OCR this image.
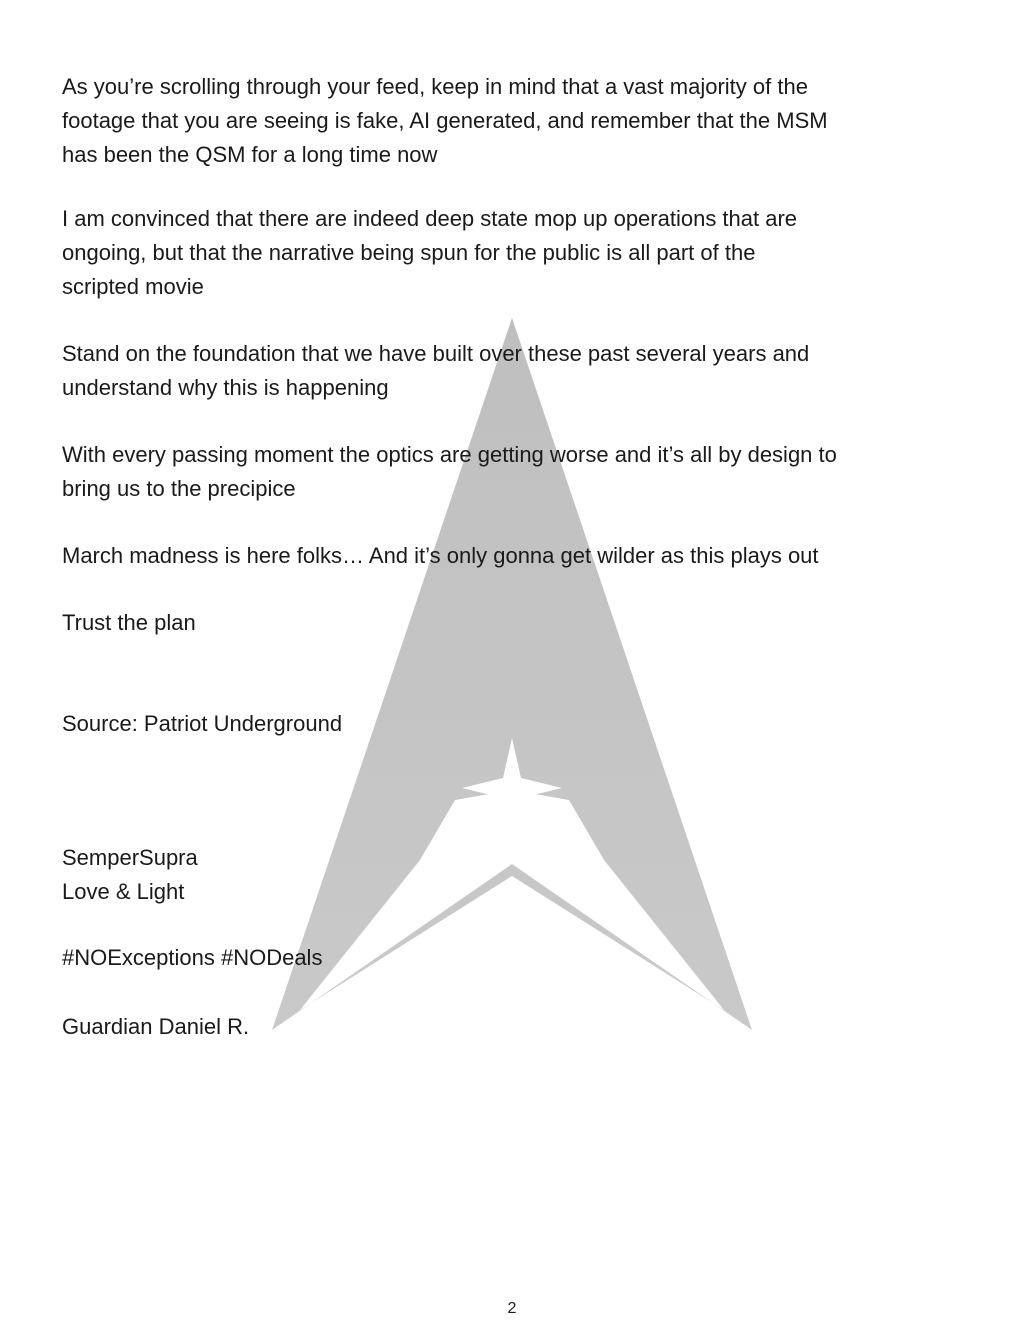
As you’re scrolling through your feed, keep in mind that a vast majority of the
footage that you are seeing is fake, AI generated, and remember that the MSM
has been the QSM for a long time now

I am convinced that there are indeed deep state mop up operations that are
ongoing, but that the narrative being spun for the public is all part of the
scripted movie

Stand on the foundation that we have built over these past several years and
understand why this is happening

With every passing moment the optics are getting worse and it’s all by design to
bring us to the precipice

March madness is here folks… And it’s only gonna get wilder as this plays out

Trust the plan

Source: Patriot Underground

SemperSupra
Love & Light

#NOExceptions #NODeals

Guardian Daniel R.

2
